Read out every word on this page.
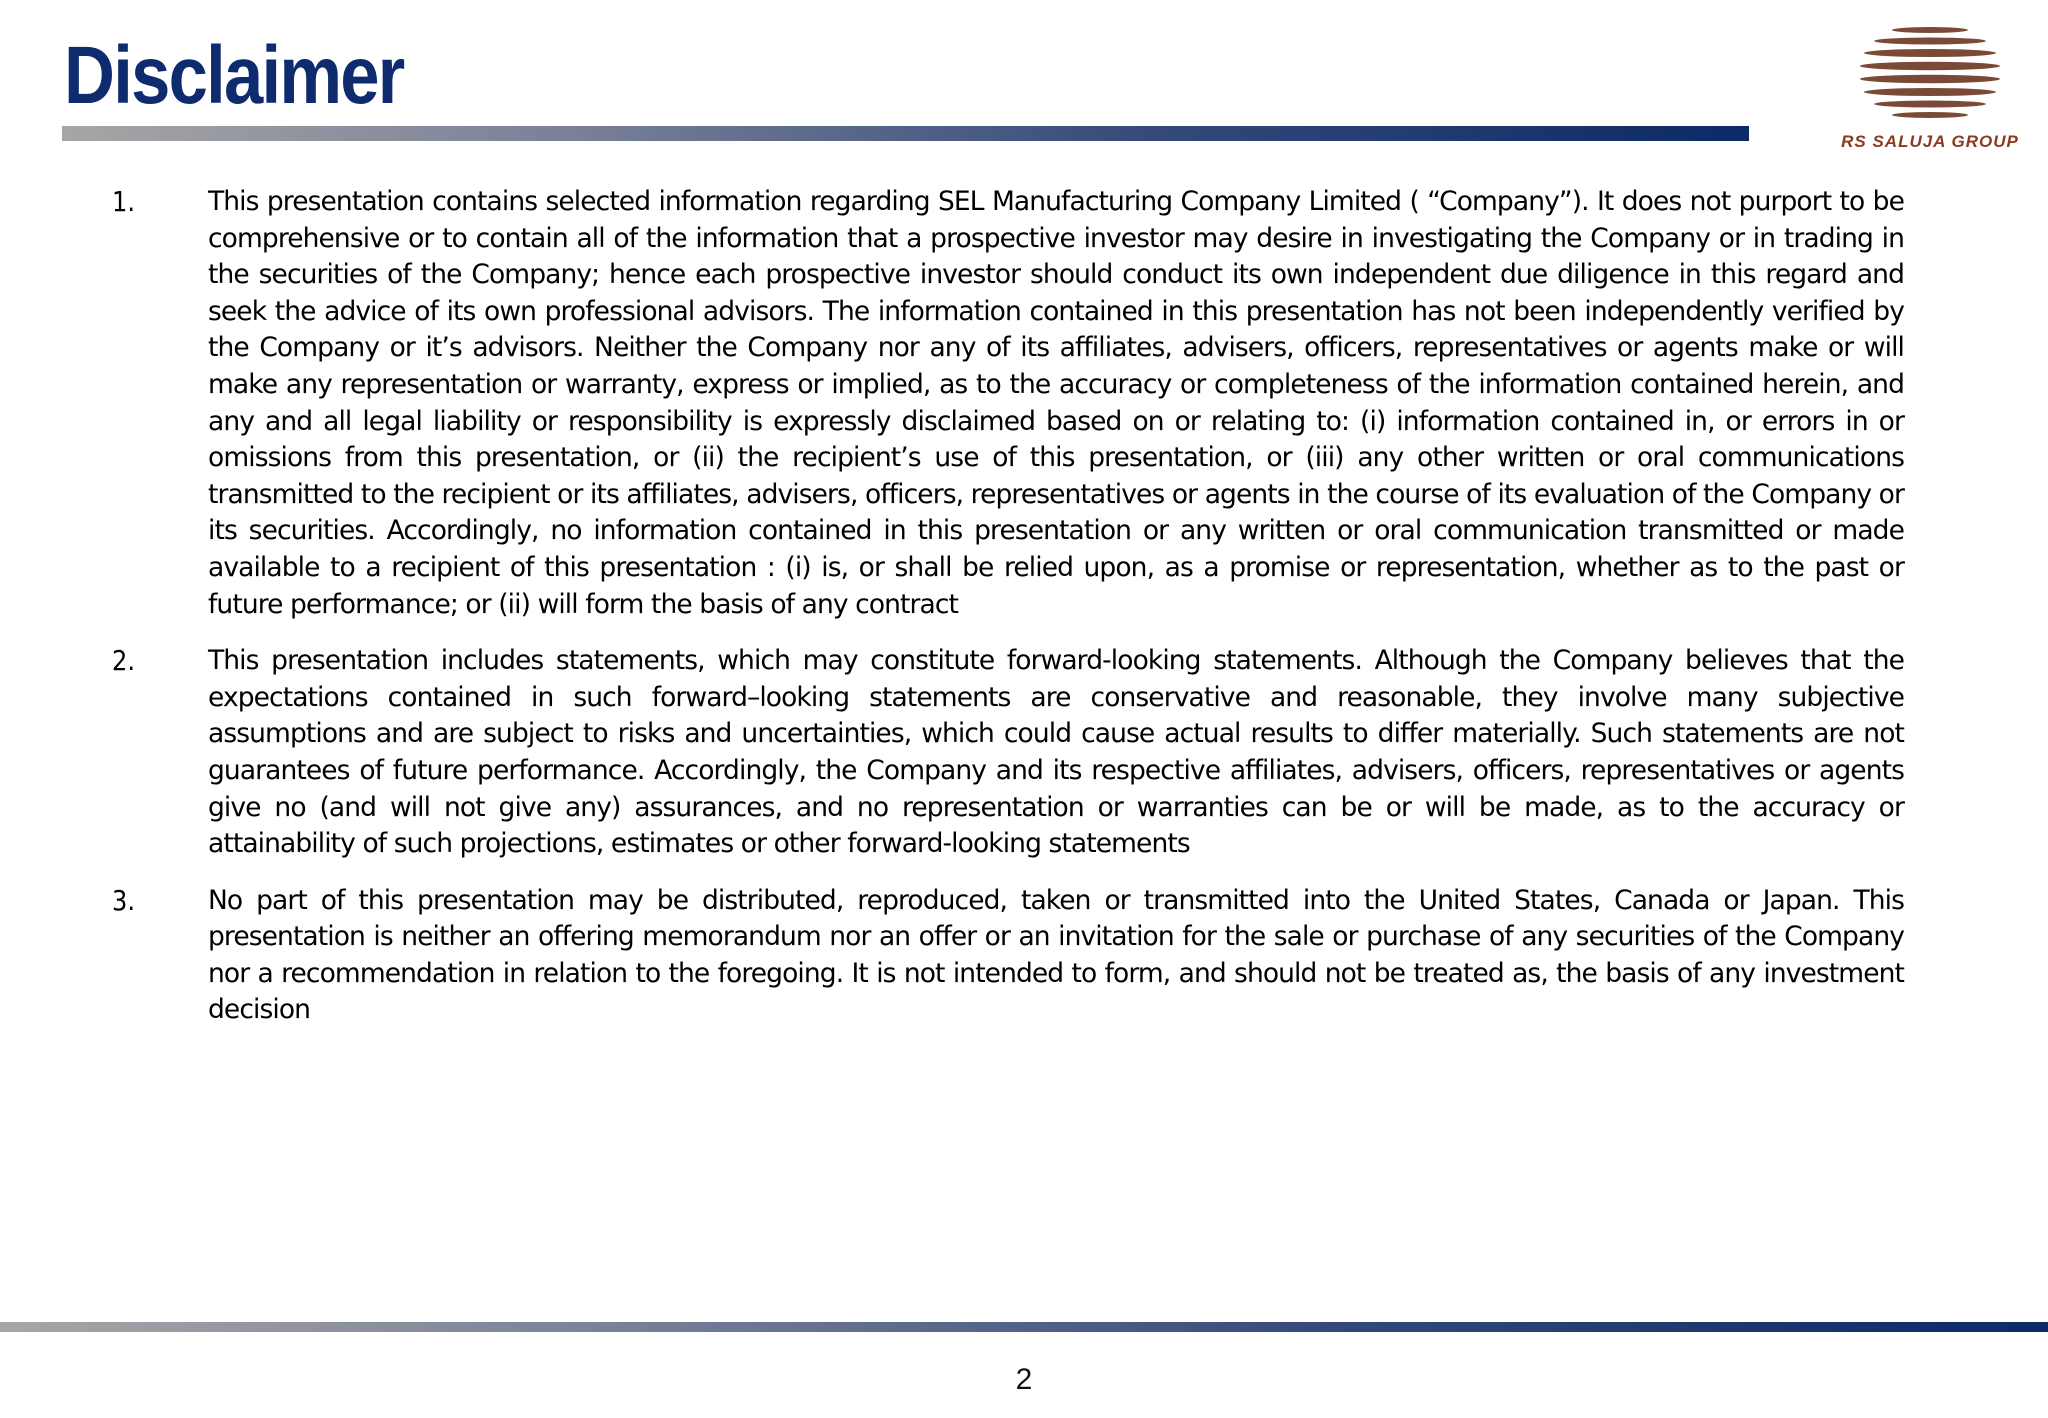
Disclaimer
RS SALUJA GROUP
1.	This presentation contains selected information regarding SEL Manufacturing Company Limited ( “Company”). It does not purport to be comprehensive or to contain all of the information that a prospective investor may desire in investigating the Company or in trading in the securities of the Company; hence each prospective investor should conduct its own independent due diligence in this regard and seek the advice of its own professional advisors. The information contained in this presentation has not been independently verified by the Company or it’s advisors. Neither the Company nor any of its affiliates, advisers, officers, representatives or agents make or will make any representation or warranty, express or implied, as to the accuracy or completeness of the information contained herein, and any and all legal liability or responsibility is expressly disclaimed based on or relating to: (i) information contained in, or errors in or omissions from this presentation, or (ii) the recipient’s use of this presentation, or (iii) any other written or oral communications transmitted to the recipient or its affiliates, advisers, officers, representatives or agents in the course of its evaluation of the Company or its securities. Accordingly, no information contained in this presentation or any written or oral communication transmitted or made available to a recipient of this presentation : (i) is, or shall be relied upon, as a promise or representation, whether as to the past or future performance; or (ii) will form the basis of any contract
2.	This presentation includes statements, which may constitute forward-looking statements. Although the Company believes that the expectations contained in such forward–looking statements are conservative and reasonable, they involve many subjective assumptions and are subject to risks and uncertainties, which could cause actual results to differ materially. Such statements are not guarantees of future performance. Accordingly, the Company and its respective affiliates, advisers, officers, representatives or agents give no (and will not give any) assurances, and no representation or warranties can be or will be made, as to the accuracy or attainability of such projections, estimates or other forward-looking statements
3.	No part of this presentation may be distributed, reproduced, taken or transmitted into the United States, Canada or Japan. This presentation is neither an offering memorandum nor an offer or an invitation for the sale or purchase of any securities of the Company nor a recommendation in relation to the foregoing. It is not intended to form, and should not be treated as, the basis of any investment decision
2
